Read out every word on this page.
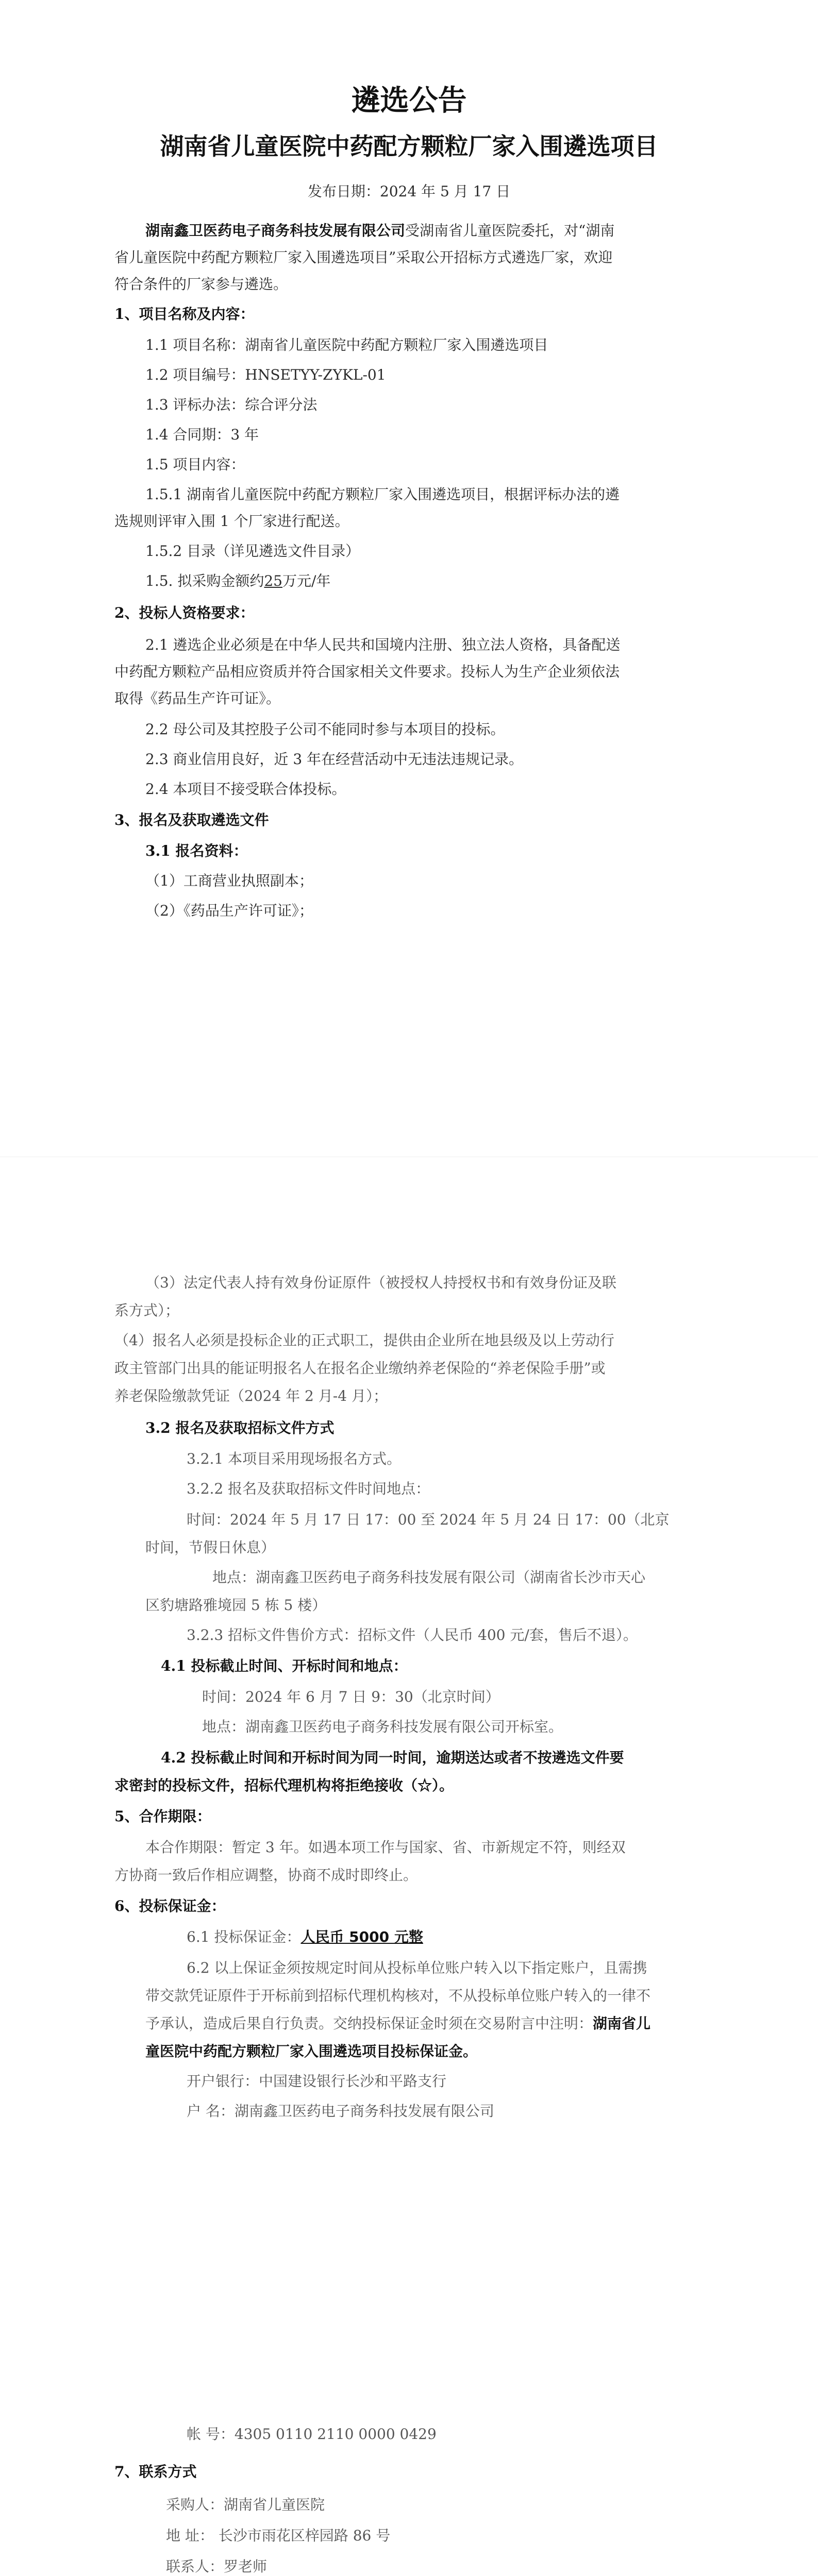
遴选公告
湖南省儿童医院中药配方颗粒厂家入围遴选项目
发布日期：2024 年 5 月 17 日
湖南鑫卫医药电子商务科技发展有限公司受湖南省儿童医院委托，对“湖南
省儿童医院中药配方颗粒厂家入围遴选项目”采取公开招标方式遴选厂家，欢迎
符合条件的厂家参与遴选。
1、项目名称及内容：
1.1 项目名称：湖南省儿童医院中药配方颗粒厂家入围遴选项目
1.2 项目编号：HNSETYY-ZYKL-01
1.3 评标办法：综合评分法
1.4 合同期：3 年
1.5 项目内容：
1.5.1 湖南省儿童医院中药配方颗粒厂家入围遴选项目，根据评标办法的遴
选规则评审入围 1 个厂家进行配送。
1.5.2 目录（详见遴选文件目录）
1.5. 拟采购金额约25万元/年
2、投标人资格要求：
2.1 遴选企业必须是在中华人民共和国境内注册、独立法人资格，具备配送
中药配方颗粒产品相应资质并符合国家相关文件要求。投标人为生产企业须依法
取得《药品生产许可证》。
2.2 母公司及其控股子公司不能同时参与本项目的投标。
2.3 商业信用良好，近 3 年在经营活动中无违法违规记录。
2.4 本项目不接受联合体投标。
3、报名及获取遴选文件
3.1 报名资料：
（1）工商营业执照副本；
（2）《药品生产许可证》；
（3）法定代表人持有效身份证原件（被授权人持授权书和有效身份证及联
系方式）；
（4）报名人必须是投标企业的正式职工，提供由企业所在地县级及以上劳动行
政主管部门出具的能证明报名人在报名企业缴纳养老保险的“养老保险手册”或
养老保险缴款凭证（2024 年 2 月-4 月）；
3.2 报名及获取招标文件方式
3.2.1 本项目采用现场报名方式。
3.2.2 报名及获取招标文件时间地点：
时间：2024 年 5 月 17 日 17：00 至 2024 年 5 月 24 日 17：00（北京
时间，节假日休息）
地点：湖南鑫卫医药电子商务科技发展有限公司（湖南省长沙市天心
区豹塘路雅境园 5 栋 5 楼）
3.2.3 招标文件售价方式：招标文件（人民币 400 元/套，售后不退）。
4.1 投标截止时间、开标时间和地点：
时间：2024 年 6 月 7 日 9：30（北京时间）
地点：湖南鑫卫医药电子商务科技发展有限公司开标室。
4.2 投标截止时间和开标时间为同一时间，逾期送达或者不按遴选文件要
求密封的投标文件，招标代理机构将拒绝接收（☆）。
5、合作期限：
本合作期限：暂定 3 年。如遇本项工作与国家、省、市新规定不符，则经双
方协商一致后作相应调整，协商不成时即终止。
6、投标保证金：
6.1 投标保证金：人民币 5000 元整
6.2 以上保证金须按规定时间从投标单位账户转入以下指定账户，且需携
带交款凭证原件于开标前到招标代理机构核对，不从投标单位账户转入的一律不
予承认，造成后果自行负责。交纳投标保证金时须在交易附言中注明：湖南省儿
童医院中药配方颗粒厂家入围遴选项目投标保证金。
开户银行：中国建设银行长沙和平路支行
户 名：湖南鑫卫医药电子商务科技发展有限公司
帐 号：4305 0110 2110 0000 0429
7、联系方式
采购人：湖南省儿童医院
地 址： 长沙市雨花区梓园路 86 号
联系人：罗老师
